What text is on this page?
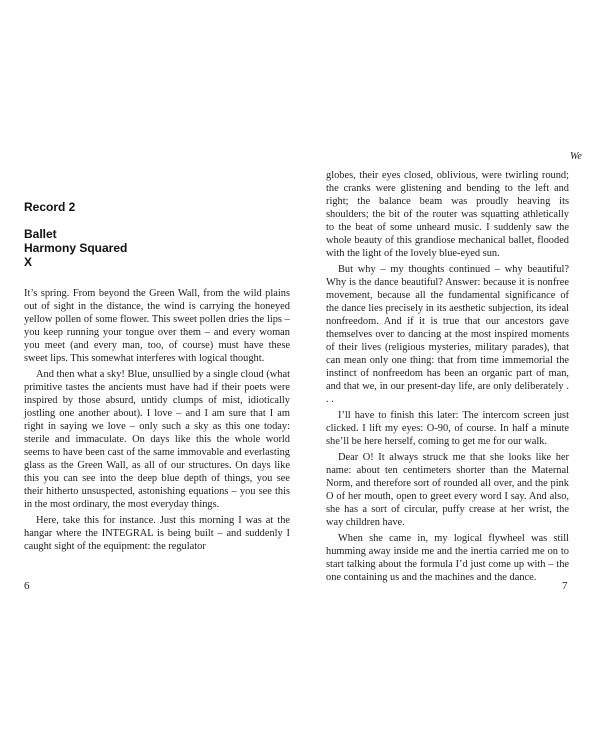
We
Record 2
Ballet
Harmony Squared
X

It’s spring. From beyond the Green Wall, from the wild plains out of sight in the distance, the wind is carrying the honeyed yellow pollen of some flower. This sweet pollen dries the lips – you keep running your tongue over them – and every woman you meet (and every man, too, of course) must have these sweet lips. This somewhat interferes with logical thought.

And then what a sky! Blue, unsullied by a single cloud (what primitive tastes the ancients must have had if their poets were inspired by those absurd, untidy clumps of mist, idiotically jostling one another about). I love – and I am sure that I am right in saying we love – only such a sky as this one today: sterile and immaculate. On days like this the whole world seems to have been cast of the same immovable and everlasting glass as the Green Wall, as all of our structures. On days like this you can see into the deep blue depth of things, you see their hitherto unsuspected, astonishing equations – you see this in the most ordinary, the most everyday things.

Here, take this for instance. Just this morning I was at the hangar where the INTEGRAL is being built – and suddenly I caught sight of the equipment: the regulator

globes, their eyes closed, oblivious, were twirling round; the cranks were glistening and bending to the left and right; the balance beam was proudly heaving its shoulders; the bit of the router was squatting athletically to the beat of some unheard music. I suddenly saw the whole beauty of this grandiose mechanical ballet, flooded with the light of the lovely blue-eyed sun.

But why – my thoughts continued – why beautiful? Why is the dance beautiful? Answer: because it is nonfree movement, because all the fundamental significance of the dance lies precisely in its aesthetic subjection, its ideal nonfreedom. And if it is true that our ancestors gave themselves over to dancing at the most inspired moments of their lives (religious mysteries, military parades), that can mean only one thing: that from time immemorial the instinct of nonfreedom has been an organic part of man, and that we, in our present-day life, are only deliberately . . .

I’ll have to finish this later: The intercom screen just clicked. I lift my eyes: O-90, of course. In half a minute she’ll be here herself, coming to get me for our walk.

Dear O! It always struck me that she looks like her name: about ten centimeters shorter than the Maternal Norm, and therefore sort of rounded all over, and the pink O of her mouth, open to greet every word I say. And also, she has a sort of circular, puffy crease at her wrist, the way children have.

When she came in, my logical flywheel was still humming away inside me and the inertia carried me on to start talking about the formula I’d just come up with – the one containing us and the machines and the dance.

6	7
